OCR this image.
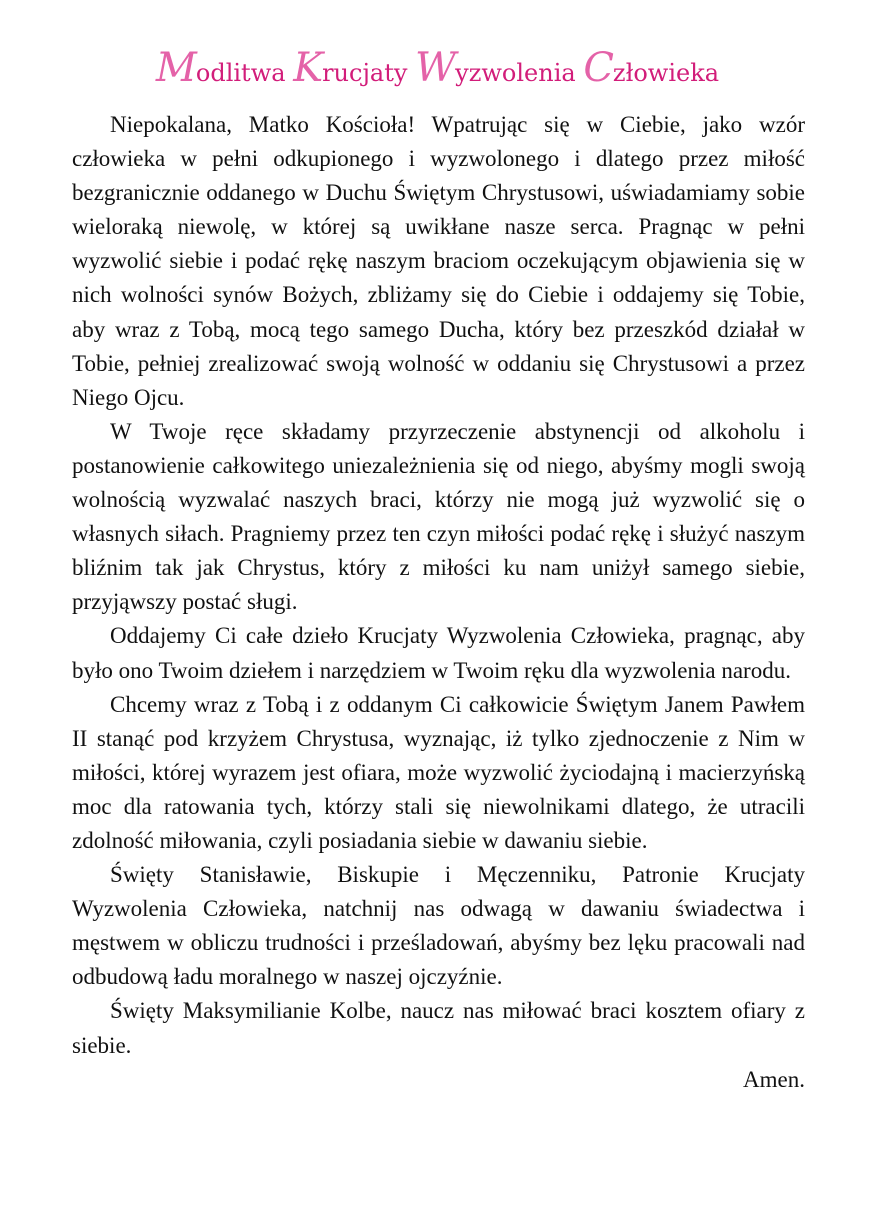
Modlitwa Krucjaty Wyzwolenia Człowieka

Niepokalana, Matko Kościoła! Wpatrując się w Ciebie, jako wzór człowieka w pełni odkupionego i wyzwolonego i dlatego przez miłość bezgranicznie oddanego w Duchu Świętym Chrystusowi, uświadamiamy sobie wieloraką niewolę, w której są uwikłane nasze serca. Pragnąc w pełni wyzwolić siebie i podać rękę naszym braciom oczekującym objawienia się w nich wolności synów Bożych, zbliżamy się do Ciebie i oddajemy się Tobie, aby wraz z Tobą, mocą tego samego Ducha, który bez przeszkód działał w Tobie, pełniej zrealizować swoją wolność w oddaniu się Chrystusowi a przez Niego Ojcu.

W Twoje ręce składamy przyrzeczenie abstynencji od alkoholu i postanowienie całkowitego uniezależnienia się od niego, abyśmy mogli swoją wolnością wyzwalać naszych braci, którzy nie mogą już wyzwolić się o własnych siłach. Pragniemy przez ten czyn miłości podać rękę i służyć naszym bliźnim tak jak Chrystus, który z miłości ku nam uniżył samego siebie, przyjąwszy postać sługi.

Oddajemy Ci całe dzieło Krucjaty Wyzwolenia Człowieka, pragnąc, aby było ono Twoim dziełem i narzędziem w Twoim ręku dla wyzwolenia narodu.

Chcemy wraz z Tobą i z oddanym Ci całkowicie Świętym Janem Pawłem II stanąć pod krzyżem Chrystusa, wyznając, iż tylko zjednoczenie z Nim w miłości, której wyrazem jest ofiara, może wyzwolić życiodajną i macierzyńską moc dla ratowania tych, którzy stali się niewolnikami dlatego, że utracili zdolność miłowania, czyli posiadania siebie w dawaniu siebie.

Święty Stanisławie, Biskupie i Męczenniku, Patronie Krucjaty Wyzwolenia Człowieka, natchnij nas odwagą w dawaniu świadectwa i męstwem w obliczu trudności i prześladowań, abyśmy bez lęku pracowali nad odbudową ładu moralnego w naszej ojczyźnie.

Święty Maksymilianie Kolbe, naucz nas miłować braci kosztem ofiary z siebie.

Amen.
